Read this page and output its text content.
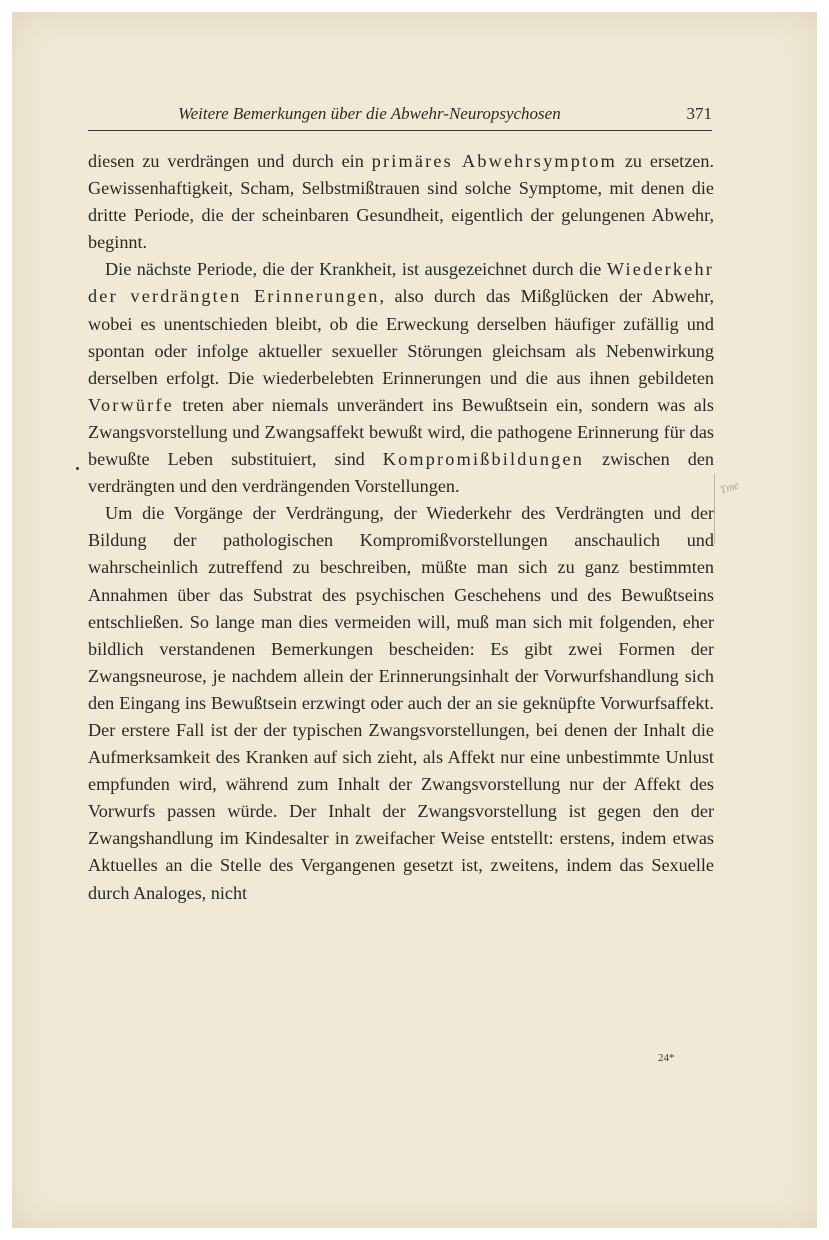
Weitere Bemerkungen über die Abwehr-Neuropsychosen	371

diesen zu verdrängen und durch ein primäres Abwehrsymptom zu ersetzen. Gewissenhaftigkeit, Scham, Selbstmißtrauen sind solche Symptome, mit denen die dritte Periode, die der scheinbaren Gesundheit, eigentlich der gelungenen Abwehr, beginnt.

Die nächste Periode, die der Krankheit, ist ausgezeichnet durch die Wiederkehr der verdrängten Erinnerungen, also durch das Mißglücken der Abwehr, wobei es unentschieden bleibt, ob die Erweckung derselben häufiger zufällig und spontan oder infolge aktueller sexueller Störungen gleichsam als Nebenwirkung derselben erfolgt. Die wiederbelebten Erinnerungen und die aus ihnen gebildeten Vorwürfe treten aber niemals unverändert ins Bewußtsein ein, sondern was als Zwangsvorstellung und Zwangsaffekt bewußt wird, die pathogene Erinnerung für das bewußte Leben substituiert, sind Kompromißbildungen zwischen den verdrängten und den verdrängenden Vorstellungen.

Um die Vorgänge der Verdrängung, der Wiederkehr des Verdrängten und der Bildung der pathologischen Kompromißvorstellungen anschaulich und wahrscheinlich zutreffend zu beschreiben, müßte man sich zu ganz bestimmten Annahmen über das Substrat des psychischen Geschehens und des Bewußtseins entschließen. So lange man dies vermeiden will, muß man sich mit folgenden, eher bildlich verstandenen Bemerkungen bescheiden: Es gibt zwei Formen der Zwangsneurose, je nachdem allein der Erinnerungsinhalt der Vorwurfshandlung sich den Eingang ins Bewußtsein erzwingt oder auch der an sie geknüpfte Vorwurfsaffekt. Der erstere Fall ist der der typischen Zwangsvorstellungen, bei denen der Inhalt die Aufmerksamkeit des Kranken auf sich zieht, als Affekt nur eine unbestimmte Unlust empfunden wird, während zum Inhalt der Zwangsvorstellung nur der Affekt des Vorwurfs passen würde. Der Inhalt der Zwangsvorstellung ist gegen den der Zwangshandlung im Kindesalter in zweifacher Weise entstellt: erstens, indem etwas Aktuelles an die Stelle des Vergangenen gesetzt ist, zweitens, indem das Sexuelle durch Analoges, nicht

Tme
24*
